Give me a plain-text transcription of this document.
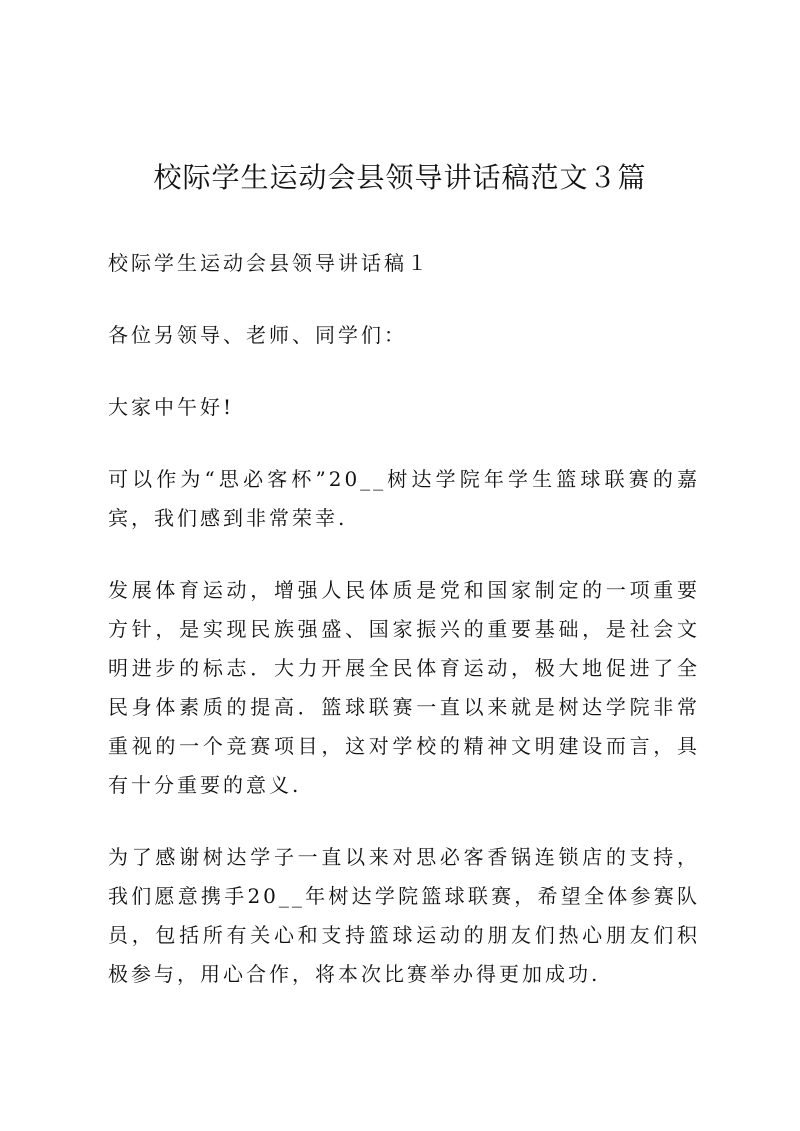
校际学生运动会县领导讲话稿范文３篇

校际学生运动会县领导讲话稿１

各位另领导、老师、同学们：

大家中午好!

可以作为“思必客杯”20__树达学院年学生篮球联赛的嘉宾，我们感到非常荣幸.

发展体育运动，增强人民体质是党和国家制定的一项重要方针，是实现民族强盛、国家振兴的重要基础，是社会文明进步的标志．大力开展全民体育运动，极大地促进了全民身体素质的提高．篮球联赛一直以来就是树达学院非常重视的一个竞赛项目，这对学校的精神文明建设而言，具有十分重要的意义.

为了感谢树达学子一直以来对思必客香锅连锁店的支持，我们愿意携手20__年树达学院篮球联赛，希望全体参赛队员，包括所有关心和支持篮球运动的朋友们热心朋友们积极参与，用心合作，将本次比赛举办得更加成功.
